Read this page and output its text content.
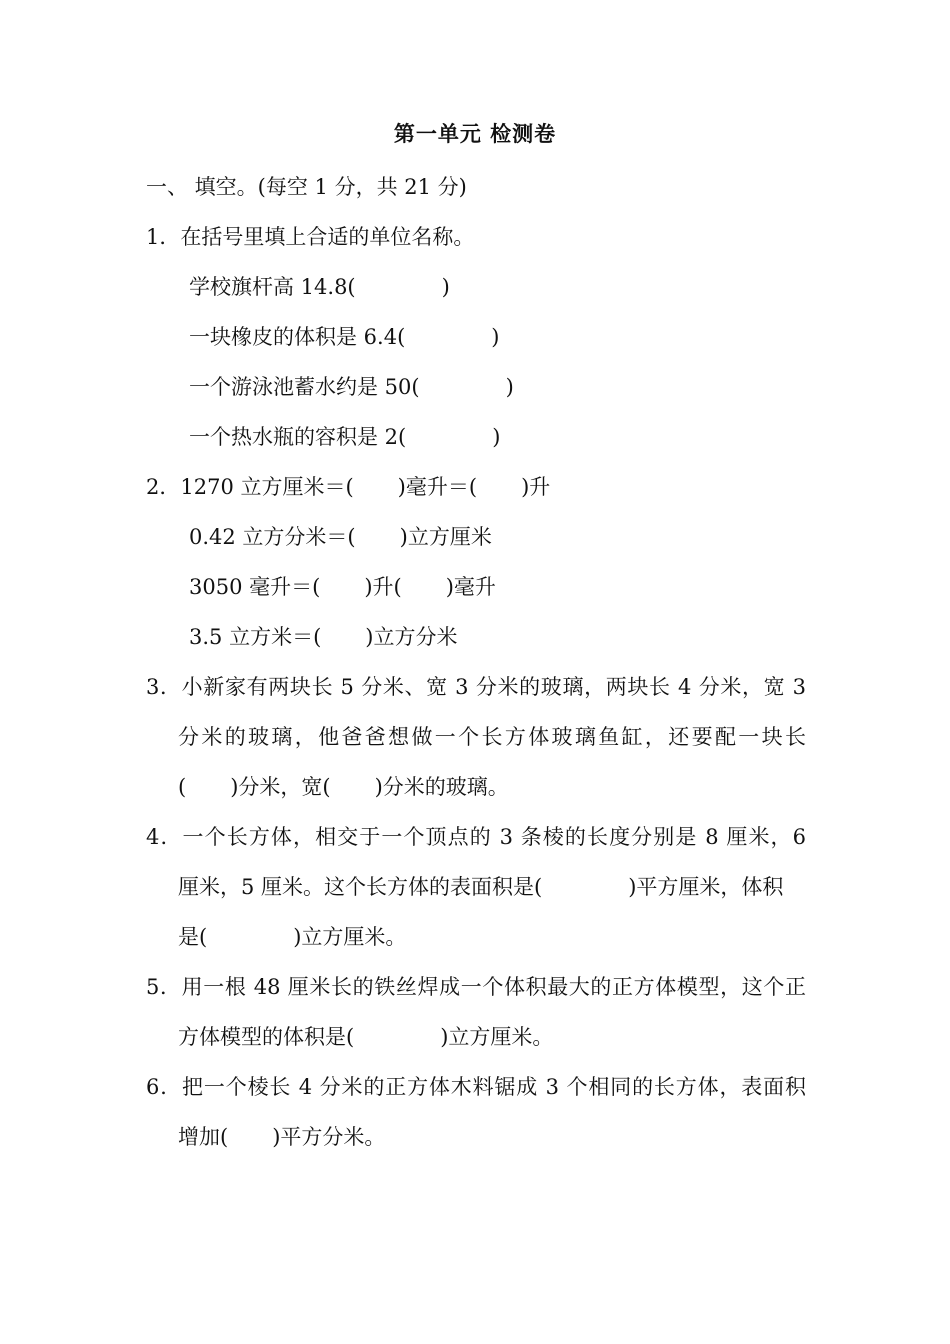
第一单元 检测卷
一、 填空。(每空 1 分，共 21 分)
1．在括号里填上合适的单位名称。
学校旗杆高 14.8(	)
一块橡皮的体积是 6.4(	)
一个游泳池蓄水约是 50(	)
一个热水瓶的容积是 2(	)
2．1270 立方厘米＝( )毫升＝( )升
0.42 立方分米＝( )立方厘米
3050 毫升＝( )升( )毫升
3.5 立方米＝( )立方分米
3．小新家有两块长 5 分米、宽 3 分米的玻璃，两块长 4 分米，宽 3
分米的玻璃，他爸爸想做一个长方体玻璃鱼缸，还要配一块长
( )分米，宽( )分米的玻璃。
4．一个长方体，相交于一个顶点的 3 条棱的长度分别是 8 厘米，6
厘米，5 厘米。这个长方体的表面积是(	)平方厘米，体积
是(	)立方厘米。
5．用一根 48 厘米长的铁丝焊成一个体积最大的正方体模型，这个正
方体模型的体积是(	)立方厘米。
6．把一个棱长 4 分米的正方体木料锯成 3 个相同的长方体，表面积
增加( )平方分米。
